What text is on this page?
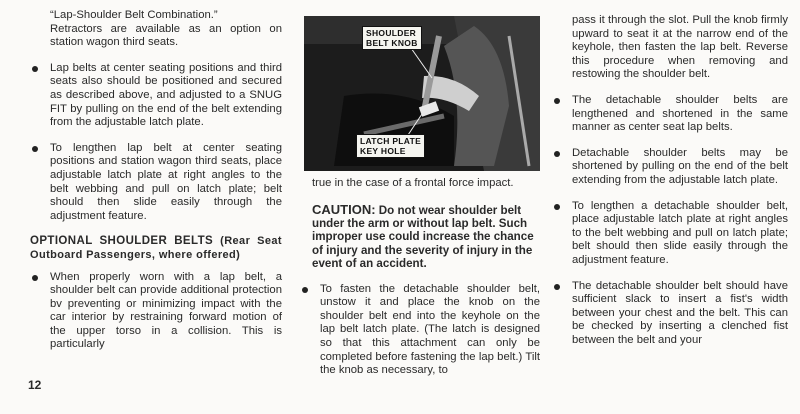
“Lap-Shoulder Belt Combination.”
Retractors are available as an option on station wagon third seats.

Lap belts at center seating positions and third seats also should be positioned and secured as described above, and adjusted to a SNUG FIT by pulling on the end of the belt extending from the adjustable latch plate.

To lengthen lap belt at center seating positions and station wagon third seats, place adjustable latch plate at right angles to the belt webbing and pull on latch plate; belt should then slide easily through the adjustment feature.

OPTIONAL SHOULDER BELTS (Rear Seat Outboard Passengers, where offered)

When properly worn with a lap belt, a shoulder belt can provide additional protection bv preventing or minimizing impact with the car interior by restraining forward motion of the upper torso in a collision. This is particularly

SHOULDER
BELT KNOB
LATCH PLATE
KEY HOLE

true in the case of a frontal force impact.

CAUTION: Do not wear shoulder belt under the arm or without lap belt. Such improper use could increase the chance of injury and the severity of injury in the event of an accident.

To fasten the detachable shoulder belt, unstow it and place the knob on the shoulder belt end into the keyhole on the lap belt latch plate. (The latch is designed so that this attachment can only be completed before fastening the lap belt.) Tilt the knob as necessary, to

pass it through the slot. Pull the knob firmly upward to seat it at the narrow end of the keyhole, then fasten the lap belt. Reverse this procedure when removing and restowing the shoulder belt.

The detachable shoulder belts are lengthened and shortened in the same manner as center seat lap belts.

Detachable shoulder belts may be shortened by pulling on the end of the belt extending from the adjustable latch plate.

To lengthen a detachable shoulder belt, place adjustable latch plate at right angles to the belt webbing and pull on latch plate; belt should then slide easily through the adjustment feature.

The detachable shoulder belt should have sufficient slack to insert a fist's width between your chest and the belt. This can be checked by inserting a clenched fist between the belt and your

12
